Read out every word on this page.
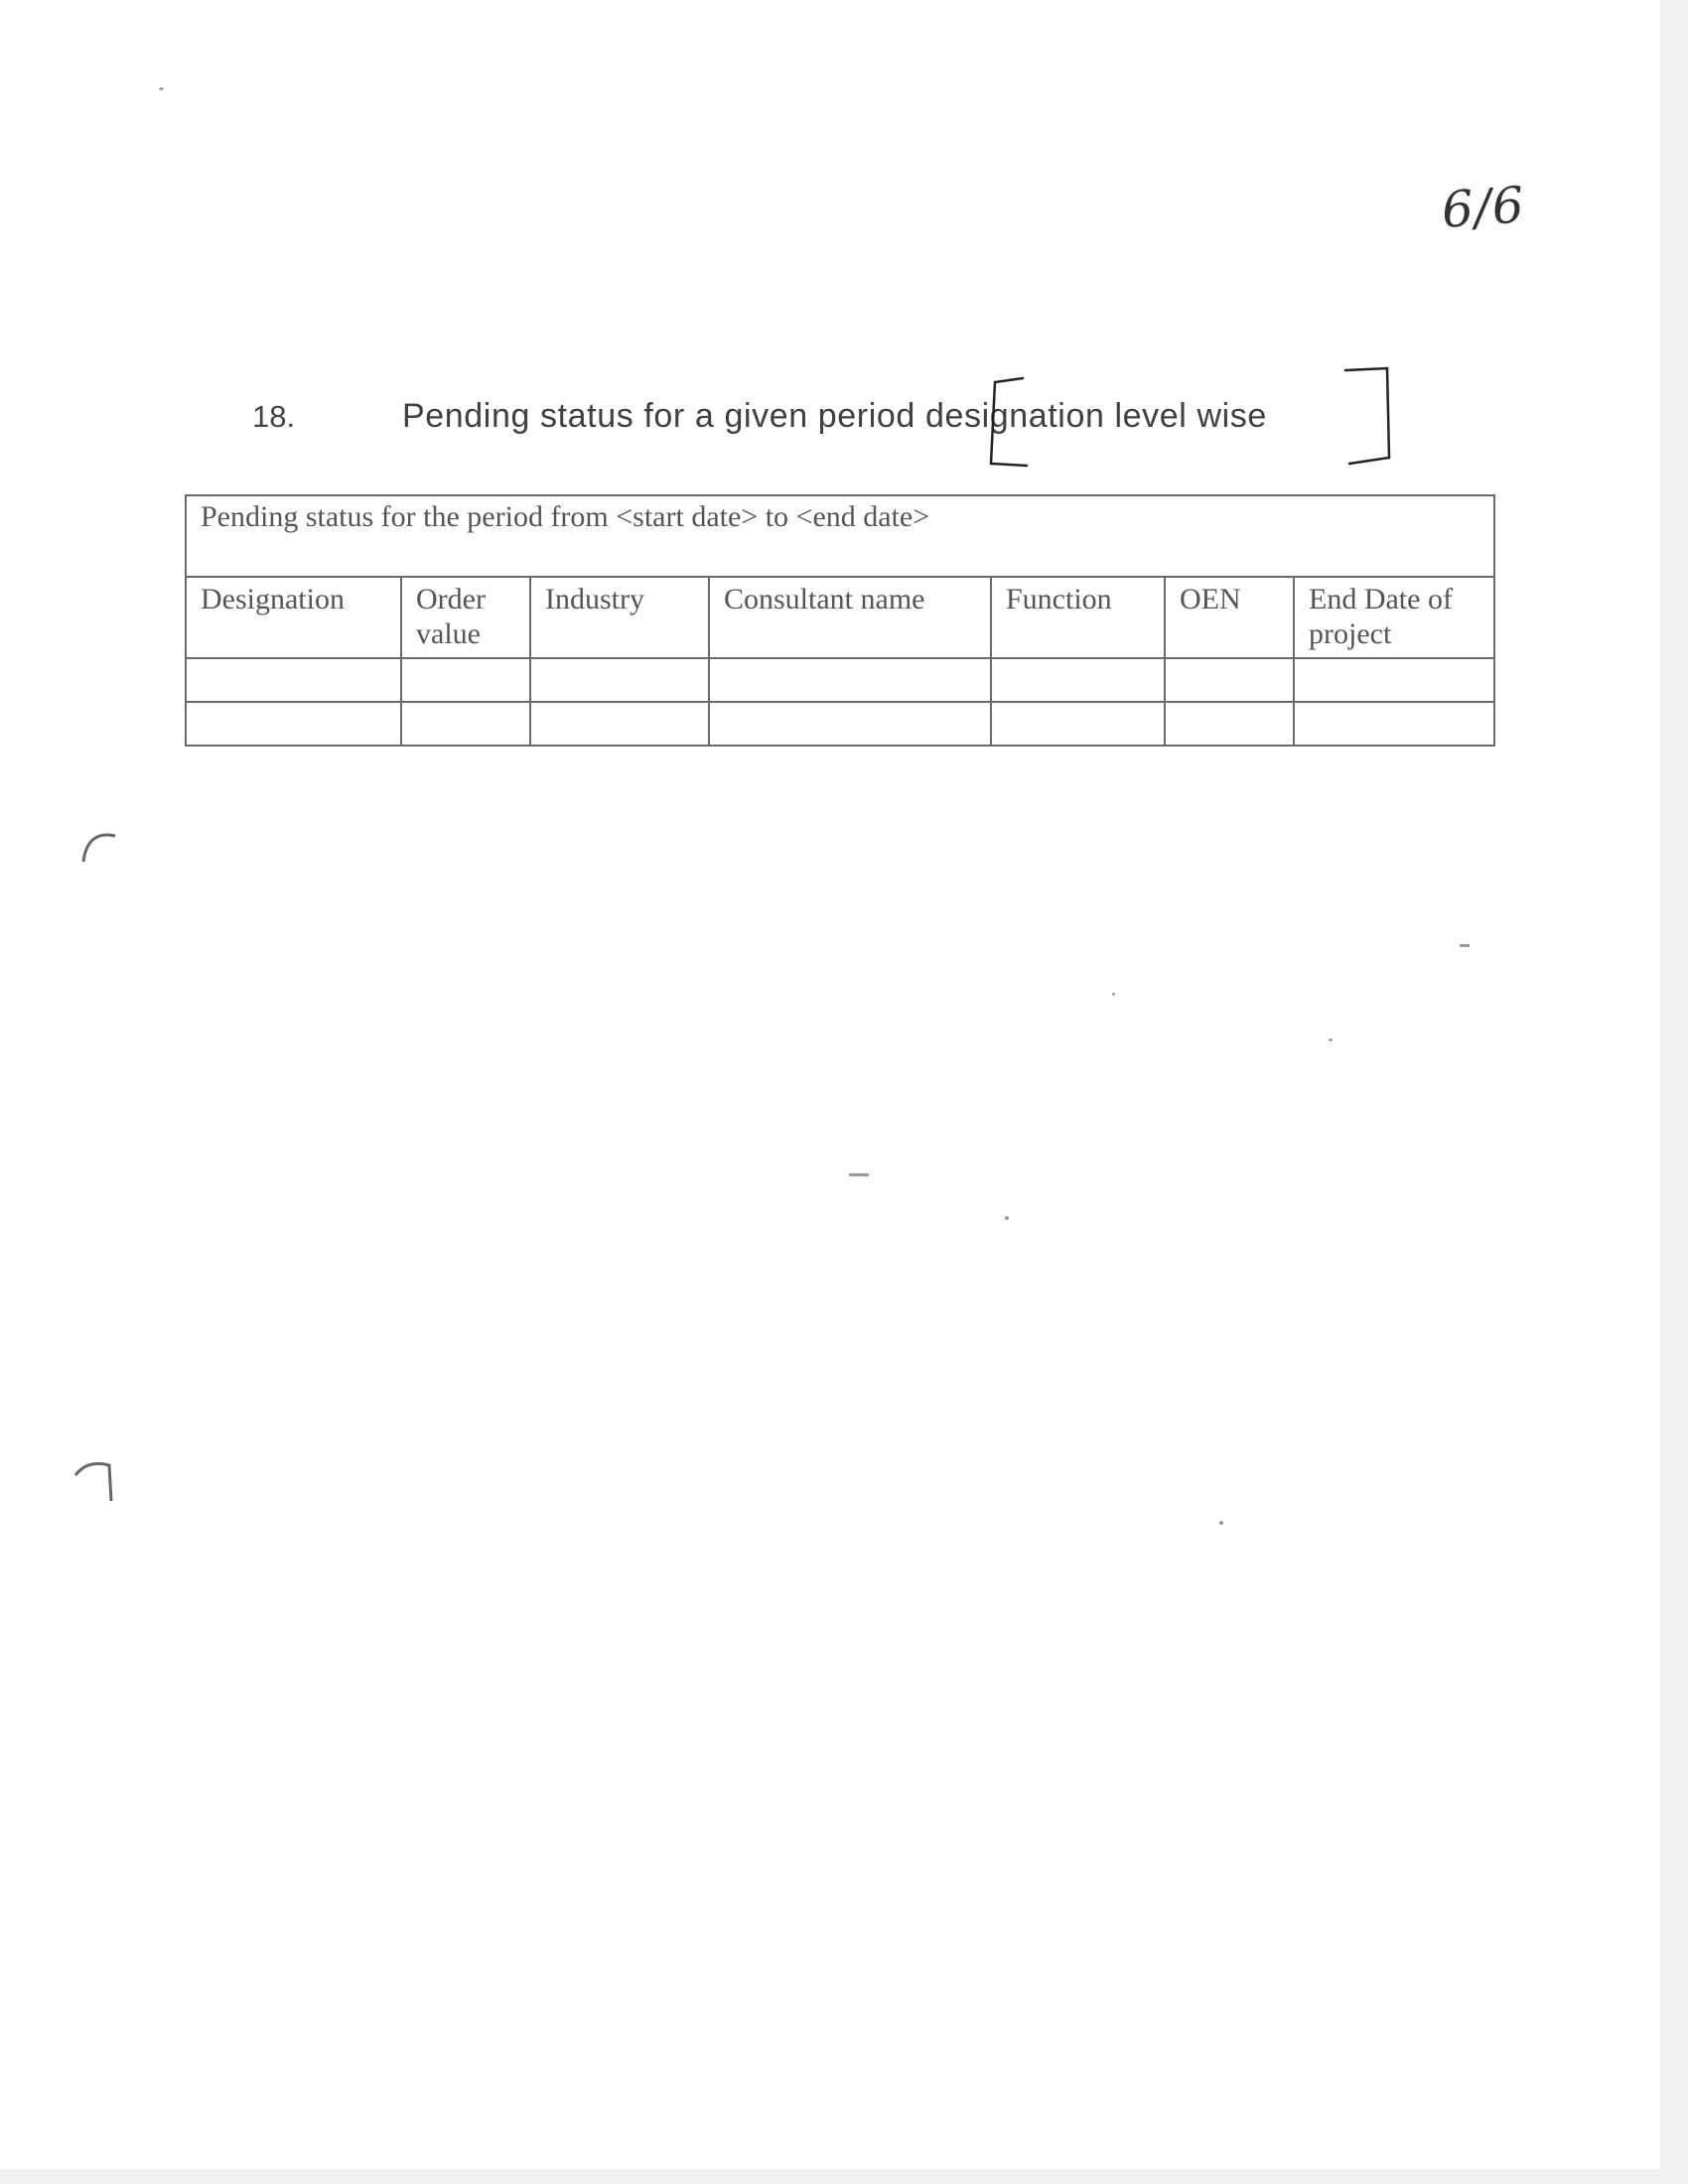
6/6
18.	Pending status for a given period designation level wise
Pending status for the period from <start date> to <end date>						
Designation	Order value	Industry	Consultant name	Function	OEN	End Date of project
